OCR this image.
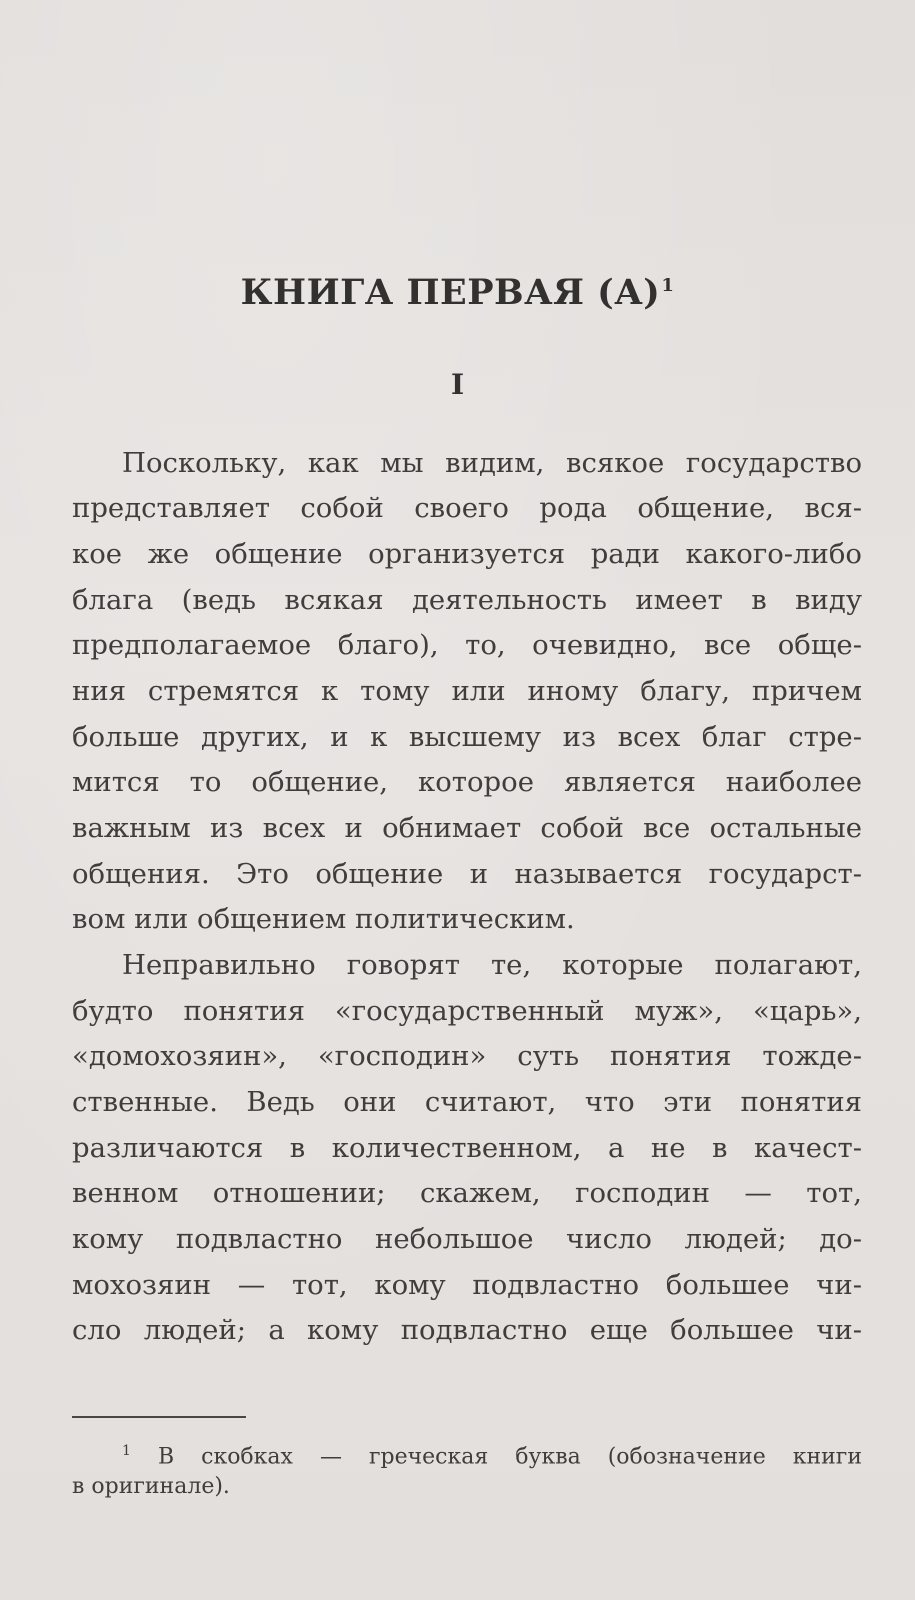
КНИГА ПЕРВАЯ $(А)^1$
I
Поскольку, как мы видим, всякое государство
представляет собой своего рода общение, вся-
кое же общение организуется ради какого-либо
блага (ведь всякая деятельность имеет в виду
предполагаемое благо), то, очевидно, все обще-
ния стремятся к тому или иному благу, причем
больше других, и к высшему из всех благ стре-
мится то общение, которое является наиболее
важным из всех и обнимает собой все остальные
общения. Это общение и называется государст-
вом или общением политическим.
Неправильно говорят те, которые полагают,
будто понятия «государственный муж», «царь»,
«домохозяин», «господин» суть понятия тожде-
ственные. Ведь они считают, что эти понятия
различаются в количественном, а не в качест-
венном отношении; скажем, господин — тот,
кому подвластно небольшое число людей; до-
мохозяин — тот, кому подвластно большее чи-
сло людей; а кому подвластно еще большее чи-
$^1$ В скобках — греческая буква (обозначение книги
в оригинале).
